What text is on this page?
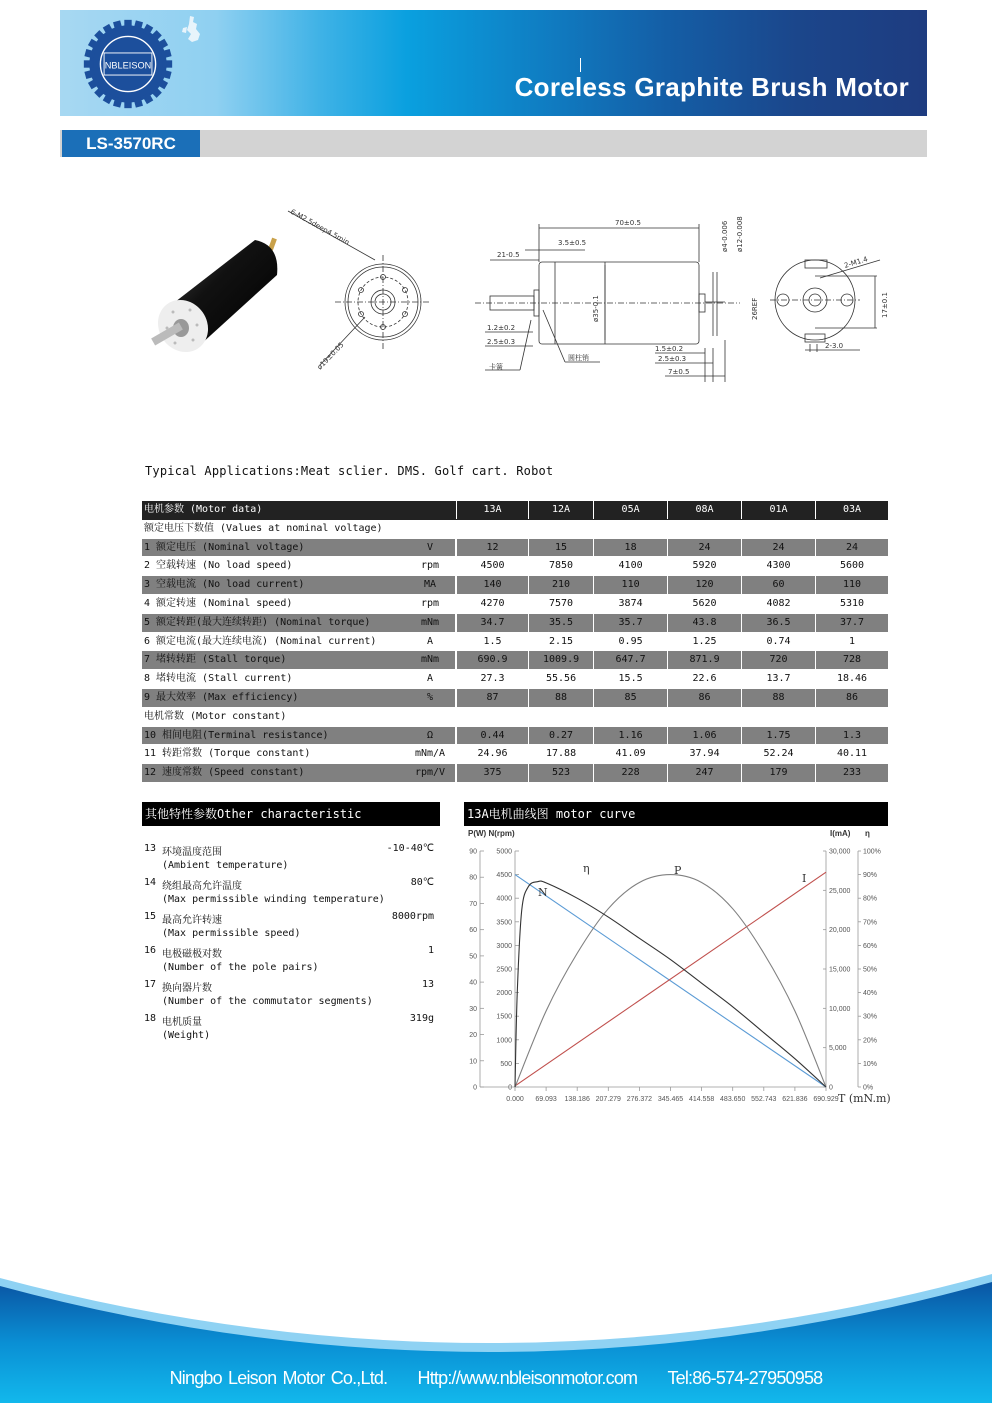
NBLEISON
Coreless Graphite Brush Motor
LS-3570RC
6-M2.5deep4.5min
ø19±0.05
70±0.5
3.5±0.5
21-0.5
1.2±0.2
2.5±0.3
卡簧
圆柱销
ø35-0.1
ø4-0.006 ø12-0.008
26REF
1.5±0.2
2.5±0.3
7±0.5
2-M1.4
17±0.1
2-3.0
Typical Applications:Meat sclier. DMS. Golf cart. Robot
电机参数 (Motor data)	13A	12A	05A	08A	01A	03A
额定电压下数值 (Values at nominal voltage)
1 额定电压 (Nominal voltage)	V	12	15	18	24	24	24
2 空载转速 (No load speed)	rpm	4500	7850	4100	5920	4300	5600
3 空载电流 (No load current)	MA	140	210	110	120	60	110
4 额定转速 (Nominal speed)	rpm	4270	7570	3874	5620	4082	5310
5 额定转距(最大连续转距) (Nominal torque)	mNm	34.7	35.5	35.7	43.8	36.5	37.7
6 额定电流(最大连续电流) (Nominal current)	A	1.5	2.15	0.95	1.25	0.74	1
7 堵转转距 (Stall torque)	mNm	690.9	1009.9	647.7	871.9	720	728
8 堵转电流 (Stall current)	A	27.3	55.56	15.5	22.6	13.7	18.46
9 最大效率 (Max efficiency)	%	87	88	85	86	88	86
电机常数 (Motor constant)
10 相间电阻(Terminal resistance)	Ω	0.44	0.27	1.16	1.06	1.75	1.3
11 转距常数 (Torque constant)	mNm/A	24.96	17.88	41.09	37.94	52.24	40.11
12 速度常数 (Speed constant)	rpm/V	375	523	228	247	179	233
其他特性参数Other characteristic parameters
13 环境温度范围
(Ambient temperature)
-10-40℃
14 绕组最高允许温度
(Max permissible winding temperature)
80℃
15 最高允许转速
(Max permissible speed)
8000rpm
16 电极磁极对数
(Number of the pole pairs)
1
17 换向器片数
(Number of the commutator segments)
13
18 电机质量
(Weight)
319g
13A电机曲线图 motor curve
P(W) N(rpm)	I(mA) η
0
10
20
30
40
50
60
70
80
90
0
500
1000
1500
2000
2500
3000
3500
4000
4500
5000
0
5,000
10,000
15,000
20,000
25,000
30,000
0%
10%
20%
30%
40%
50%
60%
70%
80%
90%
100%
0.000 69.093 138.186 207.279 276.372 345.465 414.558 483.650 552.743 621.836 690.929 T (mN.m)
η	P
I
N
Ningbo Leison Motor Co.,Ltd. Http://www.nbleisonmotor.com Tel:86-574-27950958
